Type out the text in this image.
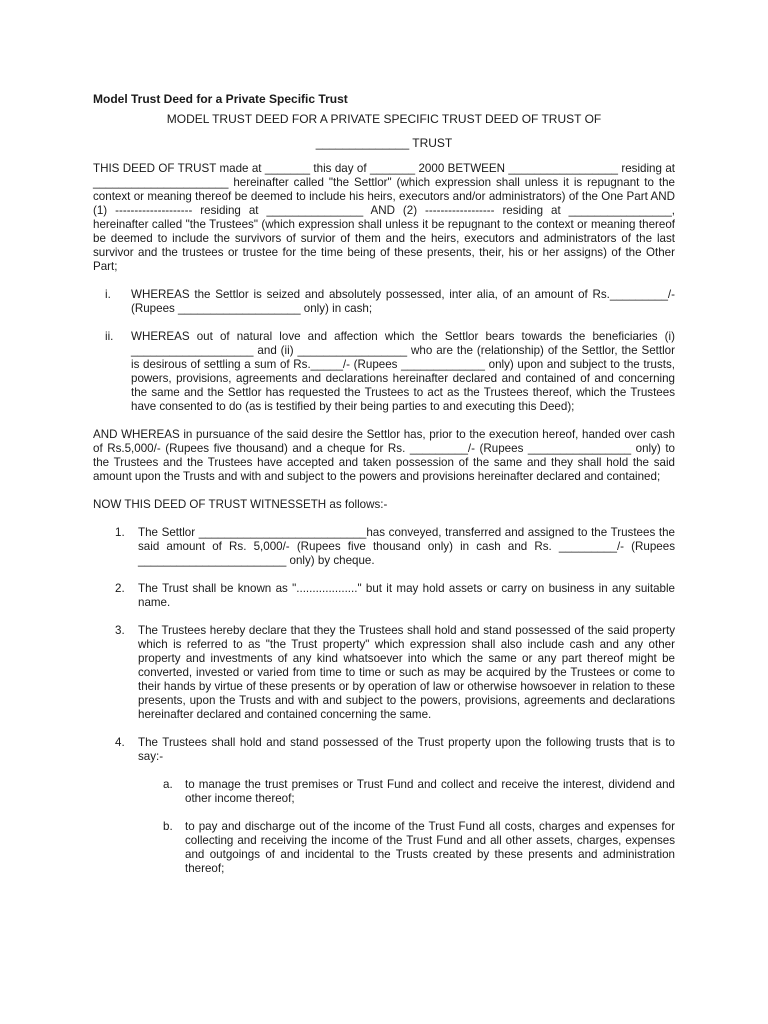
Model Trust Deed for a Private Specific Trust
MODEL TRUST DEED FOR A PRIVATE SPECIFIC TRUST DEED OF TRUST OF
______________ TRUST

THIS DEED OF TRUST made at _______ this day of _______ 2000 BETWEEN _________________ residing at _____________________ hereinafter called "the Settlor" (which expression shall unless it is repugnant to the context or meaning thereof be deemed to include his heirs, executors and/or administrators) of the One Part AND (1) -------------------- residing at _______________ AND (2) ------------------ residing at ________________, hereinafter called "the Trustees" (which expression shall unless it be repugnant to the context or meaning thereof be deemed to include the survivors of survior of them and the heirs, executors and administrators of the last survivor and the trustees or trustee for the time being of these presents, their, his or her assigns) of the Other Part;

i. WHEREAS the Settlor is seized and absolutely possessed, inter alia, of an amount of Rs._________/- (Rupees ___________________ only) in cash;
ii. WHEREAS out of natural love and affection which the Settlor bears towards the beneficiaries (i) ___________________ and (ii) _________________ who are the (relationship) of the Settlor, the Settlor is desirous of settling a sum of Rs._____/- (Rupees _____________ only) upon and subject to the trusts, powers, provisions, agreements and declarations hereinafter declared and contained of and concerning the same and the Settlor has requested the Trustees to act as the Trustees thereof, which the Trustees have consented to do (as is testified by their being parties to and executing this Deed);

AND WHEREAS in pursuance of the said desire the Settlor has, prior to the execution hereof, handed over cash of Rs.5,000/- (Rupees five thousand) and a cheque for Rs. _________/- (Rupees ________________ only) to the Trustees and the Trustees have accepted and taken possession of the same and they shall hold the said amount upon the Trusts and with and subject to the powers and provisions hereinafter declared and contained;

NOW THIS DEED OF TRUST WITNESSETH as follows:-

1. The Settlor __________________________has conveyed, transferred and assigned to the Trustees the said amount of Rs. 5,000/- (Rupees five thousand only) in cash and Rs. _________/- (Rupees _______________________ only) by cheque.
2. The Trust shall be known as "..................." but it may hold assets or carry on business in any suitable name.
3. The Trustees hereby declare that they the Trustees shall hold and stand possessed of the said property which is referred to as "the Trust property" which expression shall also include cash and any other property and investments of any kind whatsoever into which the same or any part thereof might be converted, invested or varied from time to time or such as may be acquired by the Trustees or come to their hands by virtue of these presents or by operation of law or otherwise howsoever in relation to these presents, upon the Trusts and with and subject to the powers, provisions, agreements and declarations hereinafter declared and contained concerning the same.
4. The Trustees shall hold and stand possessed of the Trust property upon the following trusts that is to say:-
a. to manage the trust premises or Trust Fund and collect and receive the interest, dividend and other income thereof;
b. to pay and discharge out of the income of the Trust Fund all costs, charges and expenses for collecting and receiving the income of the Trust Fund and all other assets, charges, expenses and outgoings of and incidental to the Trusts created by these presents and administration thereof;
